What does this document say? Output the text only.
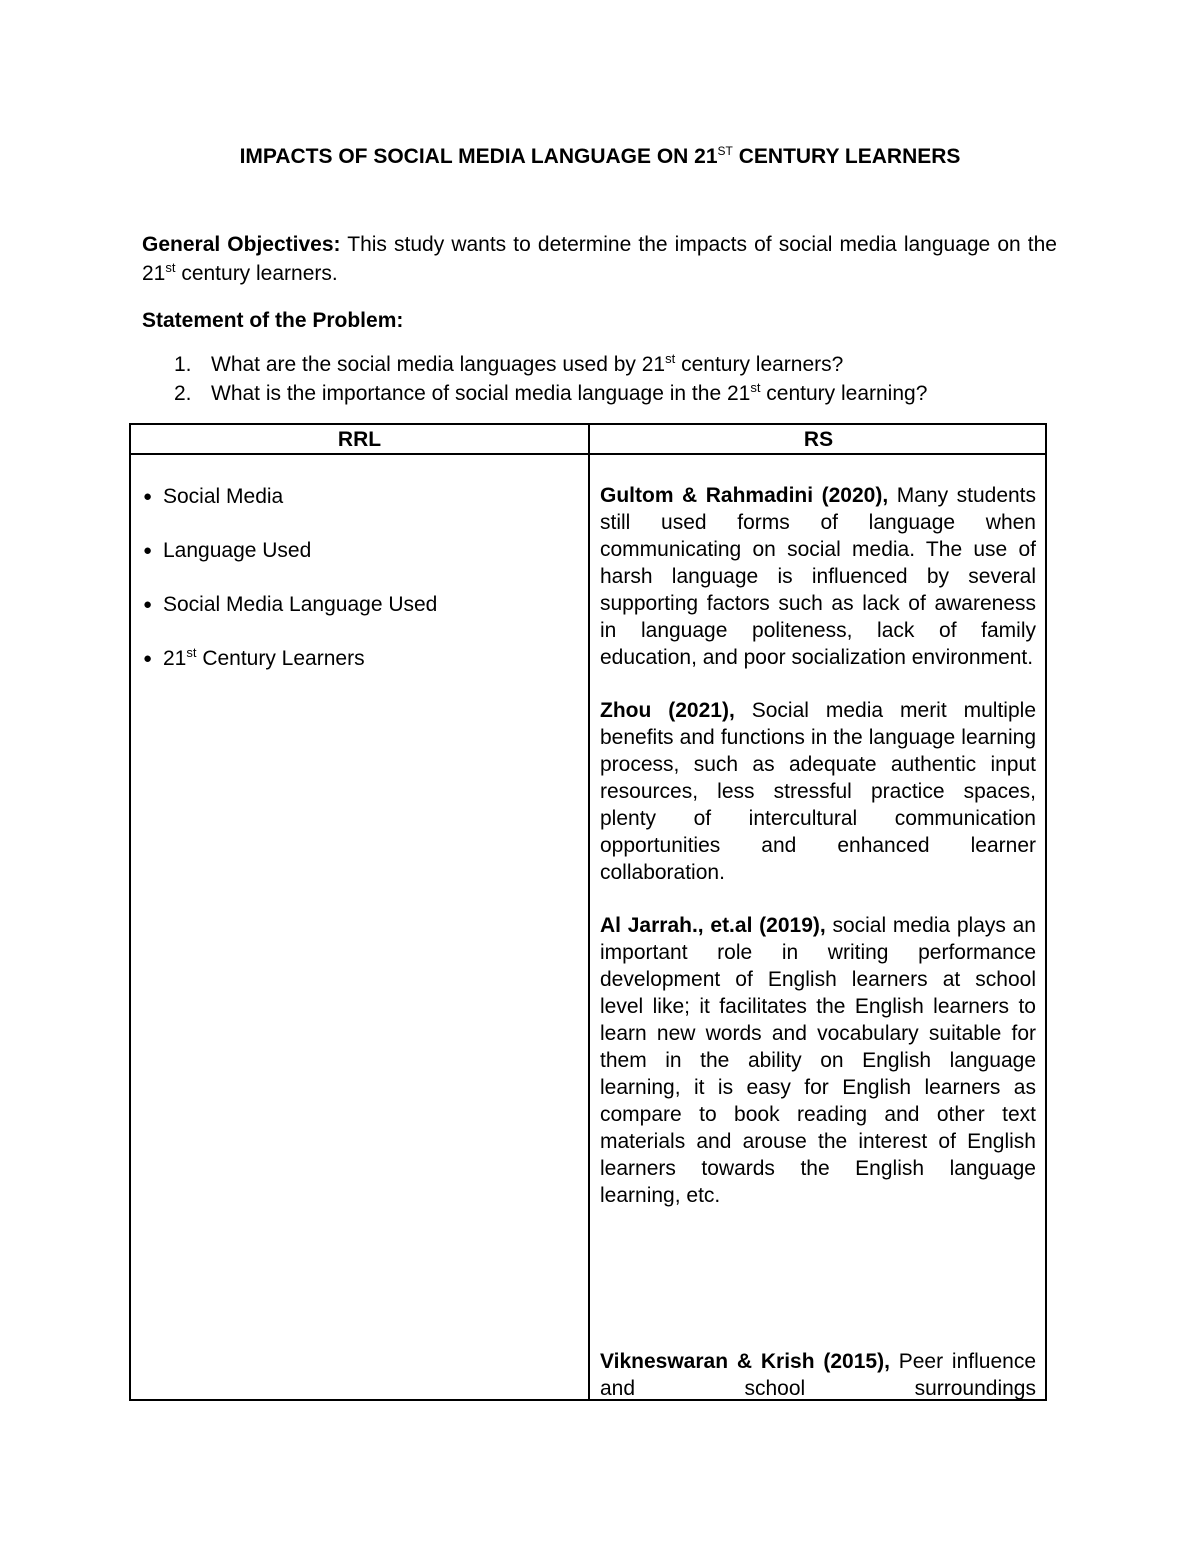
IMPACTS OF SOCIAL MEDIA LANGUAGE ON 21ST CENTURY LEARNERS
General Objectives: This study wants to determine the impacts of social media language on the 21st century learners.
Statement of the Problem:
1. What are the social media languages used by 21st century learners?
2. What is the importance of social media language in the 21st century learning?
RRL	RS
● Social Media
● Language Used
● Social Media Language Used
● 21st Century Learners

Gultom & Rahmadini (2020), Many students still used forms of language when communicating on social media. The use of harsh language is influenced by several supporting factors such as lack of awareness in language politeness, lack of family education, and poor socialization environment.

Zhou (2021), Social media merit multiple benefits and functions in the language learning process, such as adequate authentic input resources, less stressful practice spaces, plenty of intercultural communication opportunities and enhanced learner collaboration.

Al Jarrah., et.al (2019), social media plays an important role in writing performance development of English learners at school level like; it facilitates the English learners to learn new words and vocabulary suitable for them in the ability on English language learning, it is easy for English learners as compare to book reading and other text materials and arouse the interest of English learners towards the English language learning, etc.

Vikneswaran & Krish (2015), Peer influence and school surroundings
